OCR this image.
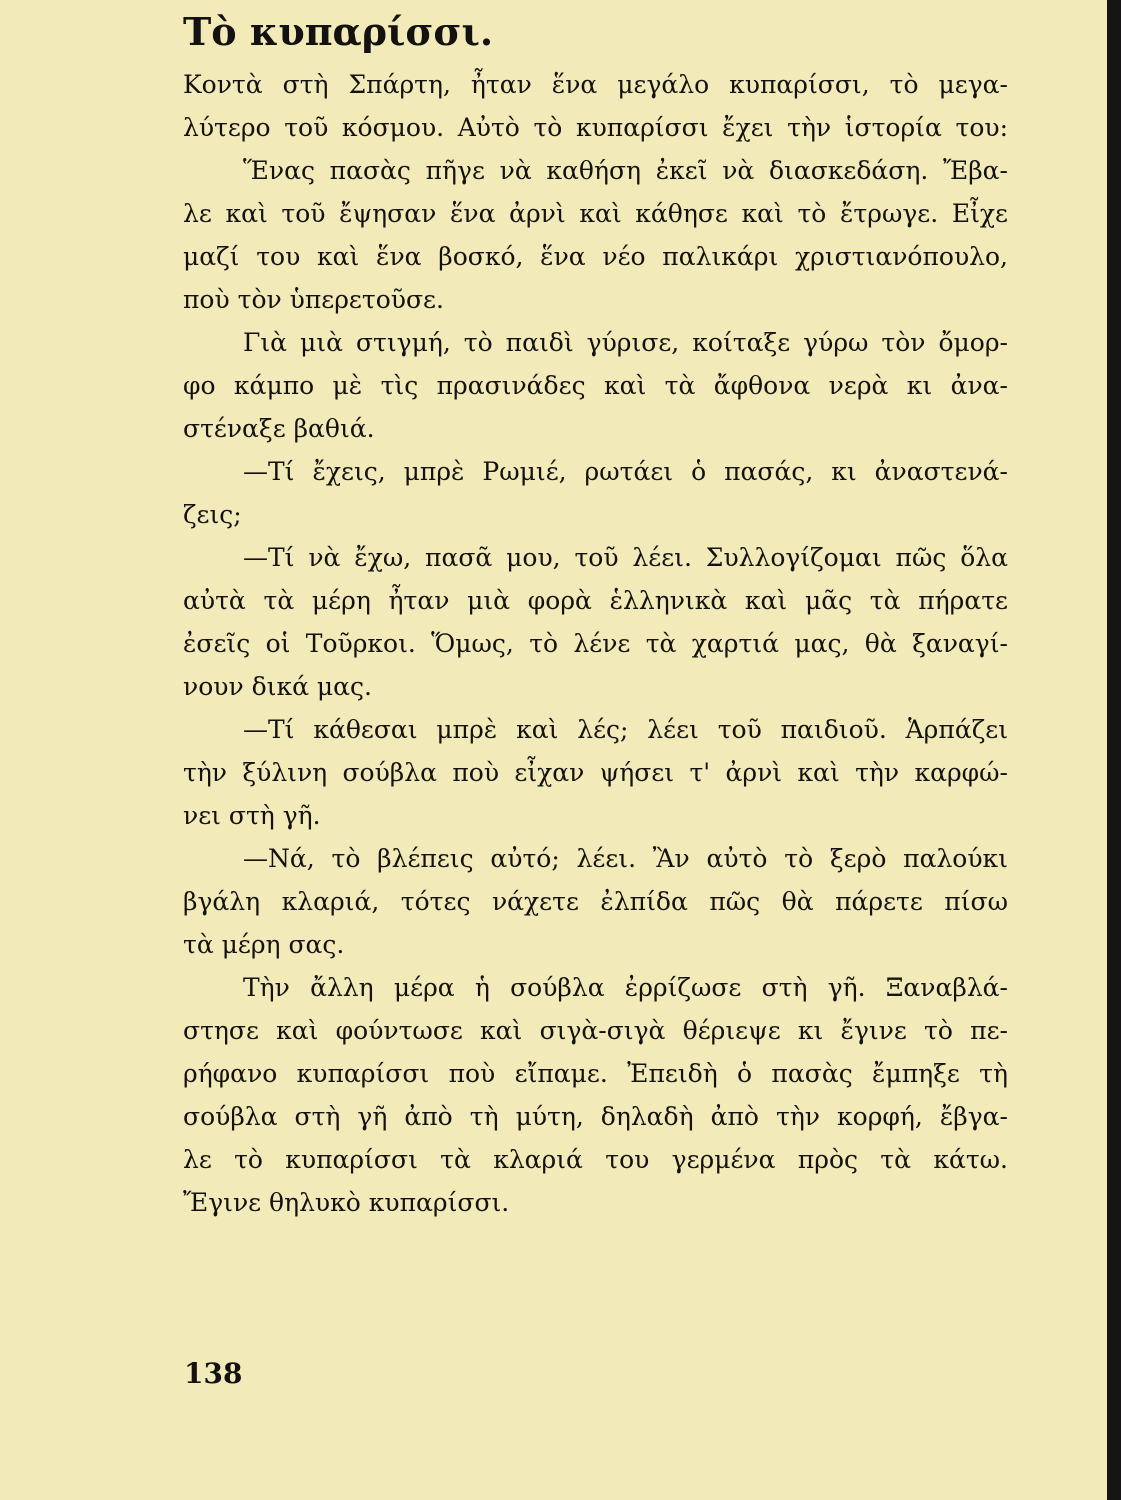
Τὸ κυπαρίσσι.

Κοντὰ στὴ Σπάρτη, ἦταν ἕνα μεγάλο κυπαρίσσι, τὸ μεγα-

λύτερο τοῦ κόσμου. Αὐτὸ τὸ κυπαρίσσι ἔχει τὴν ἱστορία του:

Ἕνας πασὰς πῆγε νὰ καθήση ἐκεῖ νὰ διασκεδάση. Ἔβα-

λε καὶ τοῦ ἔψησαν ἕνα ἀρνὶ καὶ κάθησε καὶ τὸ ἔτρωγε. Εἶχε

μαζί του καὶ ἕνα βοσκό, ἕνα νέο παλικάρι χριστιανόπουλο,

ποὺ τὸν ὑπερετοῦσε.

Γιὰ μιὰ στιγμή, τὸ παιδὶ γύρισε, κοίταξε γύρω τὸν ὄμορ-

φο κάμπο μὲ τὶς πρασινάδες καὶ τὰ ἄφθονα νερὰ κι ἀνα-

στέναξε βαθιά.

—Τί ἔχεις, μπρὲ Ρωμιέ, ρωτάει ὁ πασάς, κι ἀναστενά-

ζεις;

—Τί νὰ ἔχω, πασᾶ μου, τοῦ λέει. Συλλογίζομαι πῶς ὅλα

αὐτὰ τὰ μέρη ἦταν μιὰ φορὰ ἑλληνικὰ καὶ μᾶς τὰ πήρατε

ἐσεῖς οἱ Τοῦρκοι. Ὅμως, τὸ λένε τὰ χαρτιά μας, θὰ ξαναγί-

νουν δικά μας.

—Τί κάθεσαι μπρὲ καὶ λές; λέει τοῦ παιδιοῦ. Ἁρπάζει

τὴν ξύλινη σούβλα ποὺ εἶχαν ψήσει τ' ἀρνὶ καὶ τὴν καρφώ-

νει στὴ γῆ.

—Νά, τὸ βλέπεις αὐτό; λέει. Ἂν αὐτὸ τὸ ξερὸ παλούκι

βγάλη κλαριά, τότες νάχετε ἐλπίδα πῶς θὰ πάρετε πίσω

τὰ μέρη σας.

Τὴν ἄλλη μέρα ἡ σούβλα ἐρρίζωσε στὴ γῆ. Ξαναβλά-

στησε καὶ φούντωσε καὶ σιγὰ-σιγὰ θέριεψε κι ἔγινε τὸ πε-

ρήφανο κυπαρίσσι ποὺ εἴπαμε. Ἐπειδὴ ὁ πασὰς ἔμπηξε τὴ

σούβλα στὴ γῆ ἀπὸ τὴ μύτη, δηλαδὴ ἀπὸ τὴν κορφή, ἔβγα-

λε τὸ κυπαρίσσι τὰ κλαριά του γερμένα πρὸς τὰ κάτω.

Ἔγινε θηλυκὸ κυπαρίσσι.

138
